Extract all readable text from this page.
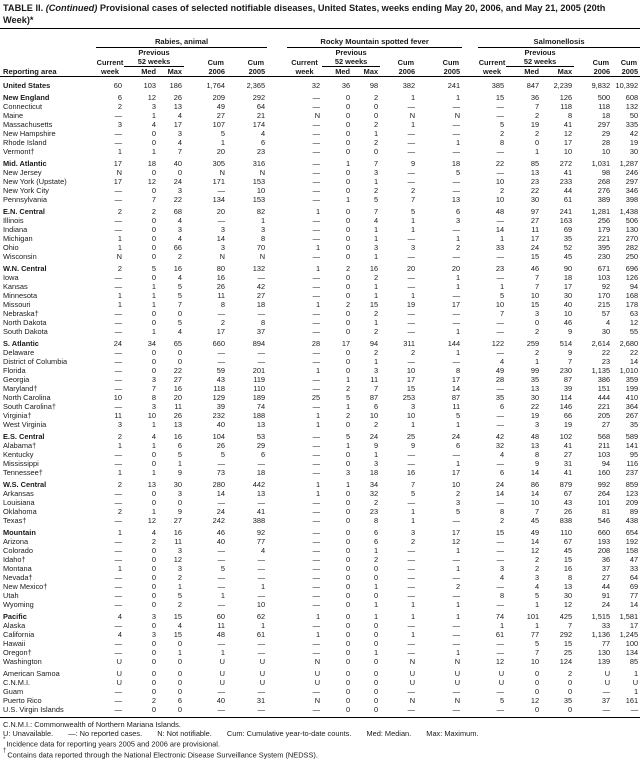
TABLE II. (Continued) Provisional cases of selected notifiable diseases, United States, weeks ending May 20, 2006, and May 21, 2005 (20th Week)*
Reporting area	Rabies, animal						Rocky Mountain spotted fever						Salmonellosis				
		Previous						Previous						Previous			
	Current	52 weeks		Cum	Cum		Current	52 weeks		Cum	Cum		Current	52 weeks		Cum	Cum
	week	Med	Max	2006	2005		week	Med	Max	2006	2005		week	Med	Max	2006	2005
United States	60	103	186	1,764	2,365		32	36	98	382	241		385	847	2,239	9,832	10,392
New England	6	12	26	209	292		—	0	2	1	1		15	36	126	500	608
Connecticut	2	3	13	49	64		—	0	0	—	—		—	7	118	118	132
Maine	—	1	4	27	21		N	0	0	N	N		—	2	8	18	50
Massachusetts	3	4	17	107	174		—	0	2	1	—		5	19	41	297	335
New Hampshire	—	0	3	5	4		—	0	1	—	—		2	2	12	29	42
Rhode Island	—	0	4	1	6		—	0	2	—	1		8	0	17	28	19
Vermont†	1	1	7	20	23		—	0	0	—	—		—	1	10	10	30
Mid. Atlantic	17	18	40	305	316		—	1	7	9	18		22	85	272	1,031	1,287
New Jersey	N	0	0	N	N		—	0	3	—	5		—	13	41	98	246
New York (Upstate)	17	12	24	171	153		—	0	1	—	—		10	23	233	268	297
New York City	—	0	3	—	10		—	0	2	2	—		2	22	44	276	346
Pennsylvania	—	7	22	134	153		—	1	5	7	13		10	30	61	389	398
E.N. Central	2	2	68	20	82		1	0	7	5	6		48	97	241	1,281	1,438
Illinois	—	0	4	—	1		—	0	4	1	3		—	27	163	256	506
Indiana	—	0	3	3	3		—	0	1	1	—		14	11	69	179	130
Michigan	1	0	4	14	8		—	0	1	—	1		1	17	35	221	270
Ohio	1	0	66	3	70		1	0	3	3	2		33	24	52	395	282
Wisconsin	N	0	2	N	N		—	0	1	—	—		—	15	45	230	250
W.N. Central	2	5	16	80	132		1	2	16	20	20		23	46	90	671	696
Iowa	—	0	4	16	—		—	0	2	—	1		—	7	18	103	126
Kansas	—	1	5	26	42		—	0	1	—	1		1	7	17	92	94
Minnesota	1	1	5	11	27		—	0	1	1	—		5	10	30	170	168
Missouri	1	1	7	8	18		1	2	15	19	17		10	15	40	215	178
Nebraska†	—	0	0	—	—		—	0	2	—	—		7	3	10	57	63
North Dakota	—	0	5	2	8		—	0	1	—	—		—	0	46	4	12
South Dakota	—	1	4	17	37		—	0	2	—	1		—	2	9	30	55
S. Atlantic	24	34	65	660	894		28	17	94	311	144		122	259	514	2,614	2,680
Delaware	—	0	0	—	—		—	0	2	2	1		—	2	9	22	22
District of Columbia	—	0	0	—	—		—	0	1	—	—		4	1	7	23	14
Florida	—	0	22	59	201		1	0	3	10	8		49	99	230	1,135	1,010
Georgia	—	3	27	43	119		—	1	11	17	17		28	35	87	386	359
Maryland†	—	7	16	118	110		—	2	7	15	14		—	13	39	151	199
North Carolina	10	8	20	129	189		25	5	87	253	87		35	30	114	444	410
South Carolina†	—	3	11	39	74		—	1	6	3	11		6	22	146	221	364
Virginia†	11	10	26	232	188		1	2	10	10	5		—	19	66	205	267
West Virginia	3	1	13	40	13		1	0	2	1	1		—	3	19	27	35
E.S. Central	2	4	16	104	53		—	5	24	25	24		42	48	102	568	589
Alabama†	1	1	6	26	29		—	1	9	9	6		32	13	41	211	141
Kentucky	—	0	5	5	6		—	0	1	—	—		4	8	27	103	95
Mississippi	—	0	1	—	—		—	0	3	—	1		—	9	31	94	116
Tennessee†	1	1	9	73	18		—	3	18	16	17		6	14	41	160	237
W.S. Central	2	13	30	280	442		1	1	34	7	10		24	86	879	992	859
Arkansas	—	0	3	14	13		1	0	32	5	2		14	14	67	264	123
Louisiana	—	0	0	—	—		—	0	2	—	3		—	10	43	101	209
Oklahoma	2	1	9	24	41		—	0	23	1	5		8	7	26	81	89
Texas†	—	12	27	242	388		—	0	8	1	—		2	45	838	546	438
Mountain	1	4	16	46	92		—	0	6	3	17		15	49	110	660	654
Arizona	—	2	11	40	77		—	0	6	2	12		—	14	67	193	192
Colorado	—	0	3	—	4		—	0	1	—	1		—	12	45	208	158
Idaho†	—	0	12	—	—		—	0	2	—	—		—	2	15	36	47
Montana	1	0	3	5	—		—	0	0	—	1		3	2	16	37	33
Nevada†	—	0	2	—	—		—	0	0	—	—		4	3	8	27	64
New Mexico†	—	0	1	—	1		—	0	1	—	2		—	4	13	44	69
Utah	—	0	5	1	—		—	0	0	—	—		8	5	30	91	77
Wyoming	—	0	2	—	10		—	0	1	1	1		—	1	12	24	14
Pacific	4	3	15	60	62		1	0	1	1	1		74	101	425	1,515	1,581
Alaska	—	0	4	11	1		—	0	0	—	—		1	1	7	33	17
California	4	3	15	48	61		1	0	0	1	—		61	77	292	1,136	1,245
Hawaii	—	0	0	—	—		—	0	0	—	—		—	5	15	77	100
Oregon†	—	0	1	1	—		—	0	1	—	1		—	7	25	130	134
Washington	U	0	0	U	U		N	0	0	N	N		12	10	124	139	85
American Samoa	U	0	0	U	U		U	0	0	U	U		U	0	2	U	1
C.N.M.I.	U	0	0	U	U		U	0	0	U	U		U	0	0	U	U
Guam	—	0	0	—	—		—	0	0	—	—		—	0	0	—	1
Puerto Rico	—	2	6	40	31		N	0	0	N	N		5	12	35	37	161
U.S. Virgin Islands	—	0	0	—	—		—	0	0	—	—		—	0	0	—	—
C.N.M.I.: Commonwealth of Northern Mariana Islands.
U: Unavailable. —: No reported cases. N: Not notifiable. Cum: Cumulative year-to-date counts. Med: Median. Max: Maximum.
*Incidence data for reporting years 2005 and 2006 are provisional.
†Contains data reported through the National Electronic Disease Surveillance System (NEDSS).
